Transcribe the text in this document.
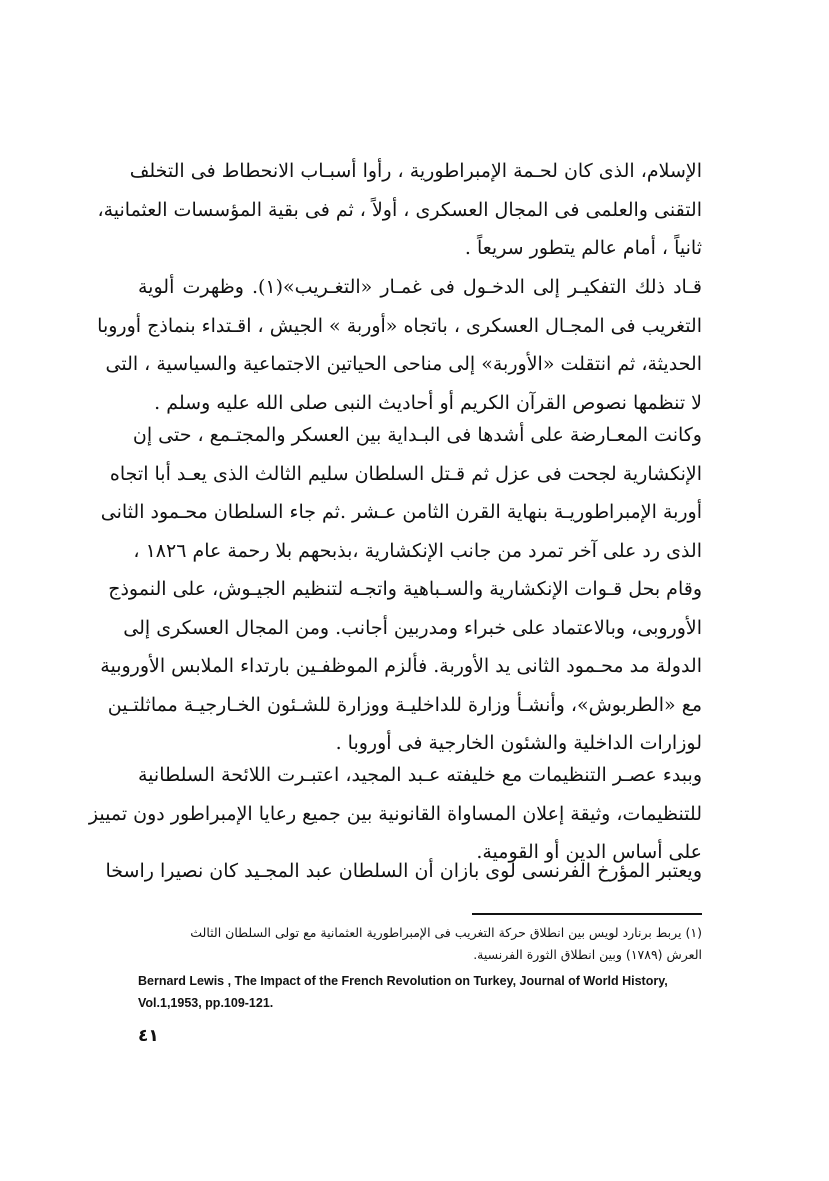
الإسلام، الذى كان لحـمة الإمبراطورية ، رأوا أسبـاب الانحطاط فى التخلف
التقنى والعلمى فى المجال العسكرى ، أولاً ، ثم فى بقية المؤسسات العثمانية،
ثانياً ، أمام عالم يتطور سريعاً .
قـاد ذلك التفكيـر إلى الدخـول فى غمـار «التغـريب»(١). وظهرت ألوية
التغريب فى المجـال العسكرى ، باتجاه «أوربة » الجيش ، اقـتداء بنماذج أوروبا
الحديثة، ثم انتقلت «الأوربة» إلى مناحى الحياتين الاجتماعية والسياسية ، التى
لا تنظمها نصوص القرآن الكريم أو أحاديث النبى صلى الله عليه وسلم .
وكانت المعـارضة على أشدها فى البـداية بين العسكر والمجتـمع ، حتى إن
الإنكشارية لجحت فى عزل ثم قـتل السلطان سليم الثالث الذى يعـد أبا اتجاه
أوربة الإمبراطوريـة بنهاية القرن الثامن عـشر .ثم جاء السلطان محـمود الثانى
الذى رد على آخر تمرد من جانب الإنكشارية ،بذبحهم بلا رحمة عام ١٨٢٦ ،
وقام بحل قـوات الإنكشارية والسـباهية واتجـه لتنظيم الجيـوش، على النموذج
الأوروبى، وبالاعتماد على خبراء ومدربين أجانب. ومن المجال العسكرى إلى
الدولة مد محـمود الثانى يد الأوربة. فألزم الموظفـين بارتداء الملابس الأوروبية
مع «الطربوش»، وأنشـأ وزارة للداخليـة ووزارة للشـئون الخـارجيـة مماثلتـين
لوزارات الداخلية والشئون الخارجية فى أوروبا .
وببدء عصـر التنظيمات مع خليفته عـبد المجيد، اعتبـرت اللائحة السلطانية
للتنظيمات، وثيقة إعلان المساواة القانونية بين جميع رعايا الإمبراطور دون تمييز
على أساس الدين أو القومية.
ويعتبر المؤرخ الفرنسى لوى بازان أن السلطان عبد المجـيد كان نصيرا راسخا
(١) يربط برنارد لويس بين انطلاق حركة التغريب فى الإمبراطورية العثمانية مع تولى السلطان الثالث
العرش (١٧٨٩) وبين انطلاق الثورة الفرنسية.
Bernard Lewis , The Impact of the French Revolution on Turkey, Journal of World History,
Vol.1,1953, pp.109-121.
٤١
